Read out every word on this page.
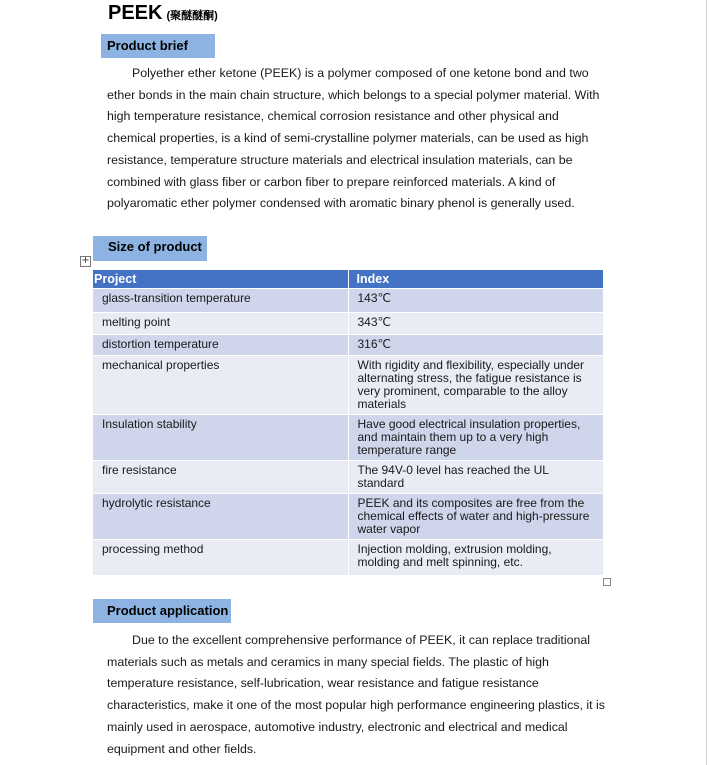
PEEK (聚醚醚酮)
Product brief
Polyether ether ketone (PEEK) is a polymer composed of one ketone bond and two ether bonds in the main chain structure, which belongs to a special polymer material. With high temperature resistance, chemical corrosion resistance and other physical and chemical properties, is a kind of semi-crystalline polymer materials, can be used as high resistance, temperature structure materials and electrical insulation materials, can be combined with glass fiber or carbon fiber to prepare reinforced materials. A kind of polyaromatic ether polymer condensed with aromatic binary phenol is generally used.
Size of product
+
Project	Index

glass-transition temperature	143℃

melting point	343℃

distortion temperature	316℃

mechanical properties	With rigidity and flexibility, especially under alternating stress, the fatigue resistance is very prominent, comparable to the alloy materials

Insulation stability	Have good electrical insulation properties, and maintain them up to a very high temperature range

fire resistance	The 94V-0 level has reached the UL standard

hydrolytic resistance	PEEK and its composites are free from the chemical effects of water and high-pressure water vapor

processing method	Injection molding, extrusion molding, molding and melt spinning, etc.
Product application
Due to the excellent comprehensive performance of PEEK, it can replace traditional materials such as metals and ceramics in many special fields. The plastic of high temperature resistance, self-lubrication, wear resistance and fatigue resistance characteristics, make it one of the most popular high performance engineering plastics, it is mainly used in aerospace, automotive industry, electronic and electrical and medical equipment and other fields.
